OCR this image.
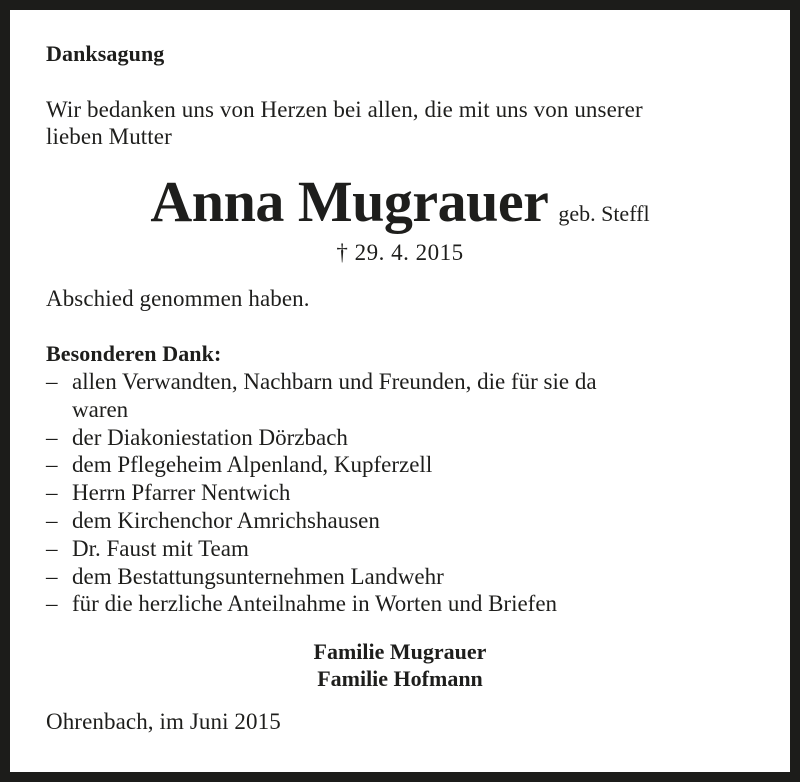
Danksagung
Wir bedanken uns von Herzen bei allen, die mit uns von unserer
lieben Mutter
Anna Mugrauer geb. Steffl
† 29. 4. 2015
Abschied genommen haben.
Besonderen Dank:
– allen Verwandten, Nachbarn und Freunden, die für sie da
waren
– der Diakoniestation Dörzbach
– dem Pflegeheim Alpenland, Kupferzell
– Herrn Pfarrer Nentwich
– dem Kirchenchor Amrichshausen
– Dr. Faust mit Team
– dem Bestattungsunternehmen Landwehr
– für die herzliche Anteilnahme in Worten und Briefen
Familie Mugrauer
Familie Hofmann
Ohrenbach, im Juni 2015
